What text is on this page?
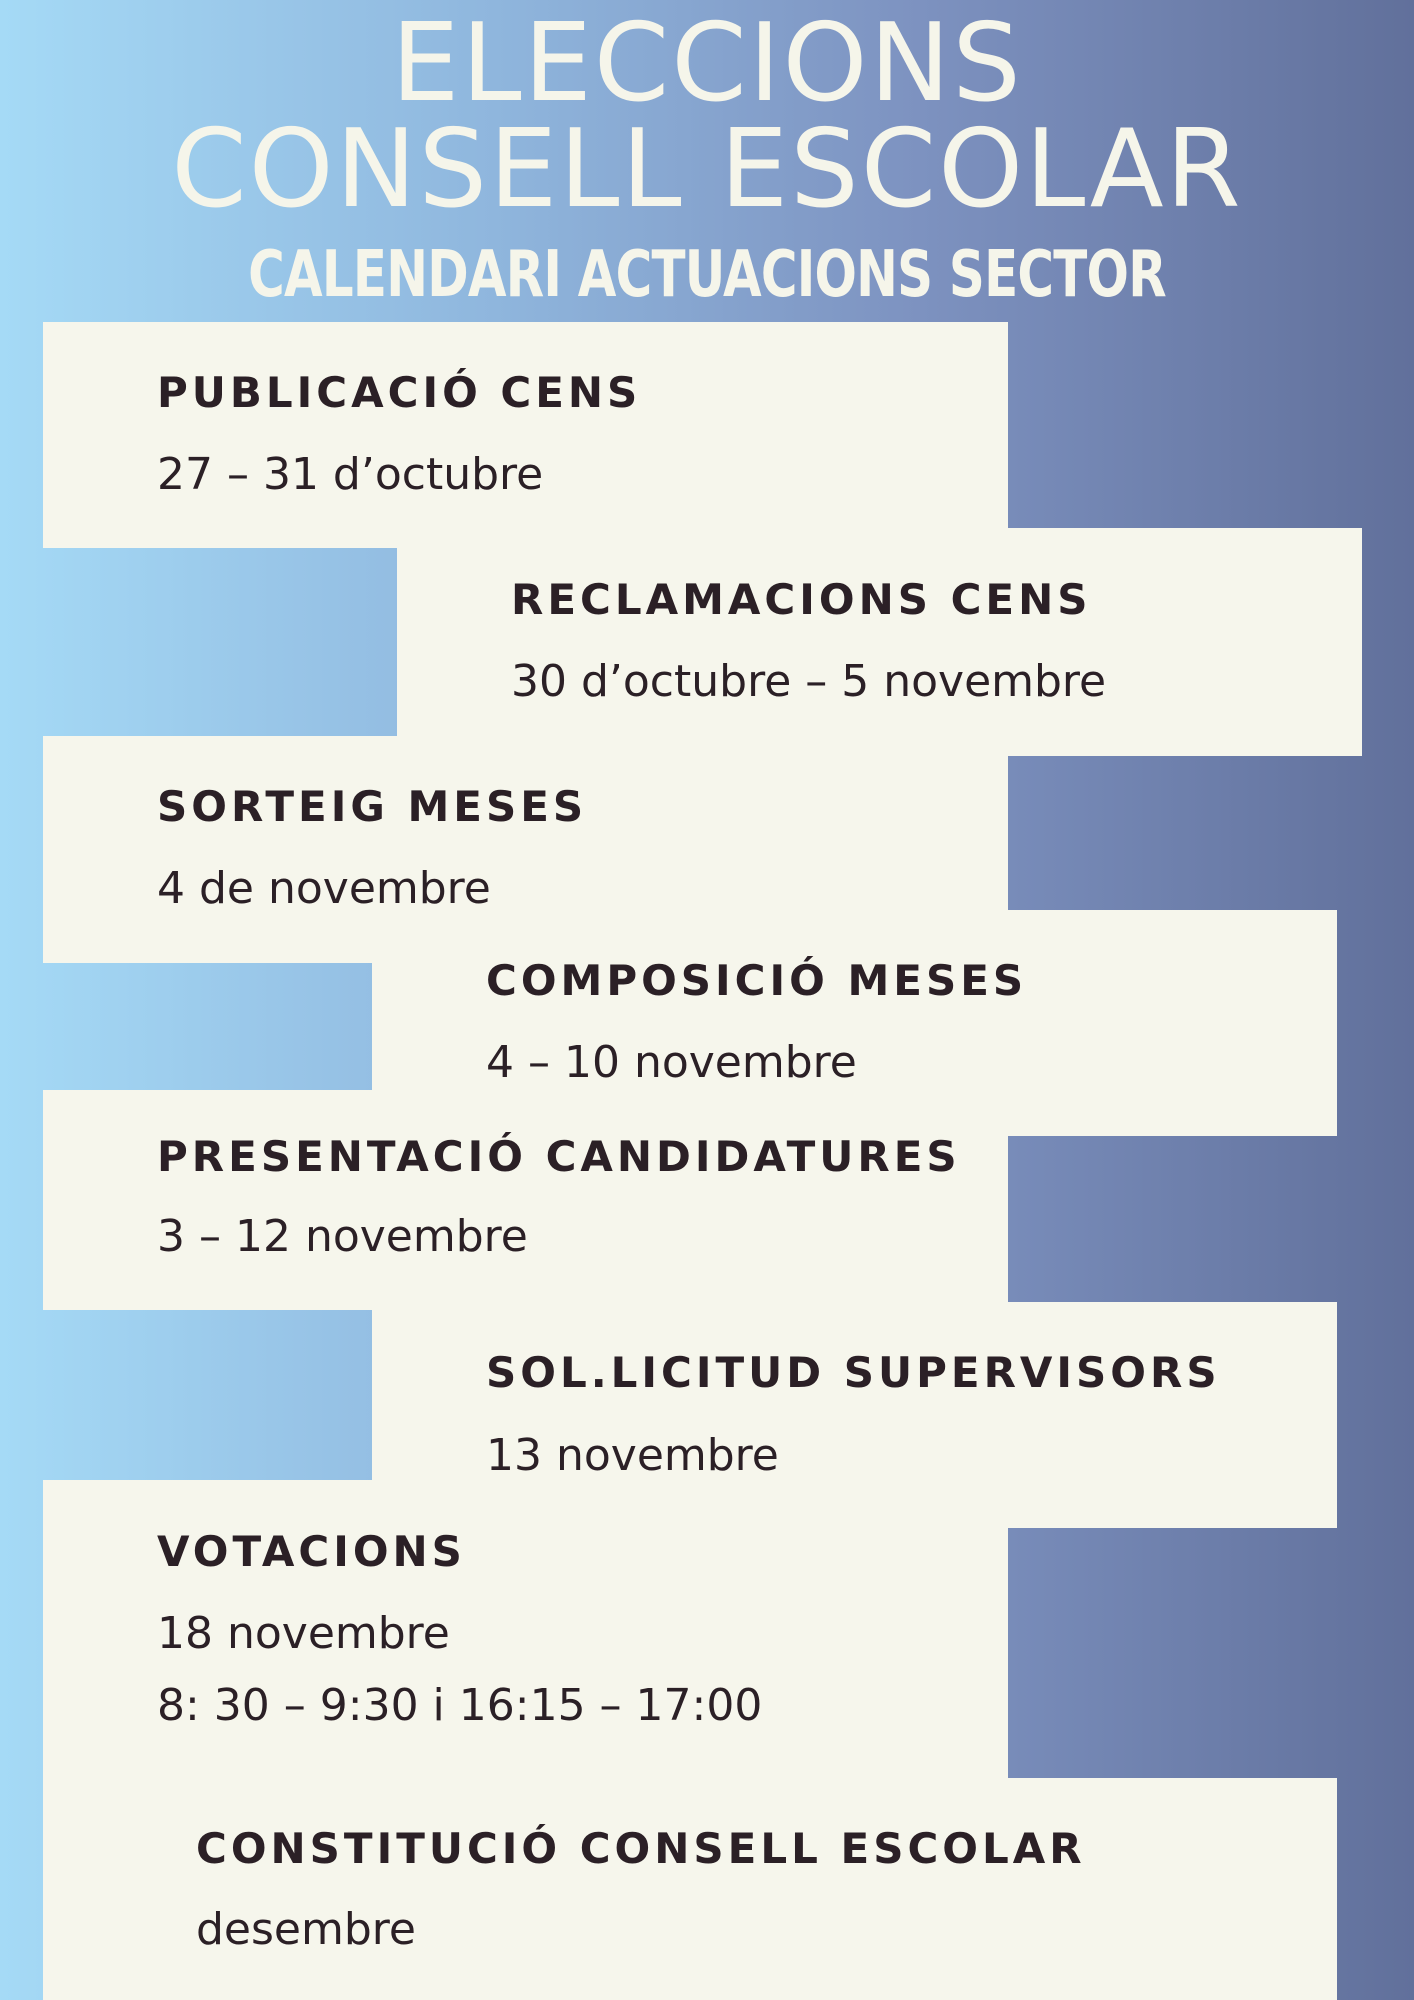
ELECCIONS
CONSELL ESCOLAR
CALENDARI ACTUACIONS SECTOR
PUBLICACIÓ CENS
27 – 31 d’octubre
RECLAMACIONS CENS
30 d’octubre – 5 novembre
SORTEIG MESES
4 de novembre
COMPOSICIÓ MESES
4 – 10 novembre
PRESENTACIÓ CANDIDATURES
3 – 12 novembre
SOL.LICITUD SUPERVISORS
13 novembre
VOTACIONS
18 novembre
8: 30 – 9:30 i 16:15 – 17:00
CONSTITUCIÓ CONSELL ESCOLAR
desembre
